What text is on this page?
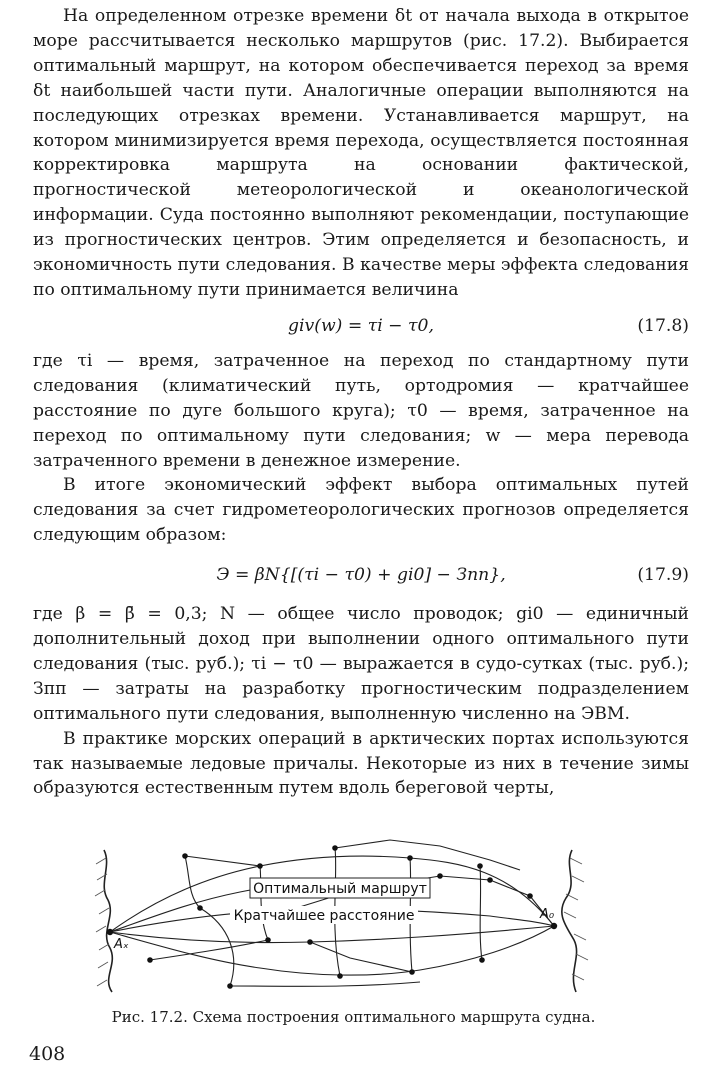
На определенном отрезке времени δt от начала выхода в открытое море рассчитывается несколько маршрутов (рис. 17.2). Выбирается оптимальный маршрут, на котором обеспечивается переход за время δt наибольшей части пути. Аналогичные операции выполняются на последующих отрезках времени. Устанавливается маршрут, на котором минимизируется время перехода, осуществляется постоянная корректировка маршрута на основании фактической, прогностической метеорологической и океанологической информации. Суда постоянно выполняют рекомендации, поступающие из прогностических центров. Этим определяется и безопасность, и экономичность пути следования. В качестве меры эффекта следования по оптимальному пути принимается величина

giv(w) = τi − τ0,	(17.8)

где τi — время, затраченное на переход по стандартному пути следования (климатический путь, ортодромия — кратчайшее расстояние по дуге большого круга); τ0 — время, затраченное на переход по оптимальному пути следования; w — мера перевода затраченного времени в денежное измерение.

В итоге экономический эффект выбора оптимальных путей следования за счет гидрометеорологических прогнозов определяется следующим образом:

Э = βN{[(τi − τ0) + gi0] − Зпп},	(17.9)

где β = β̄ = 0,3; N — общее число проводок; gi0 — единичный дополнительный доход при выполнении одного оптимального пути следования (тыс. руб.); τi − τ0 — выражается в судо-сутках (тыс. руб.); Зпп — затраты на разработку прогностическим подразделением оптимального пути следования, выполненную численно на ЭВМ.

В практике морских операций в арктических портах используются так называемые ледовые причалы. Некоторые из них в течение зимы образуются естественным путем вдоль береговой черты,

Оптимальный маршрут
Кратчайшее расстояние
Aₓ
A₀
Рис. 17.2. Схема построения оптимального маршрута судна.
408
